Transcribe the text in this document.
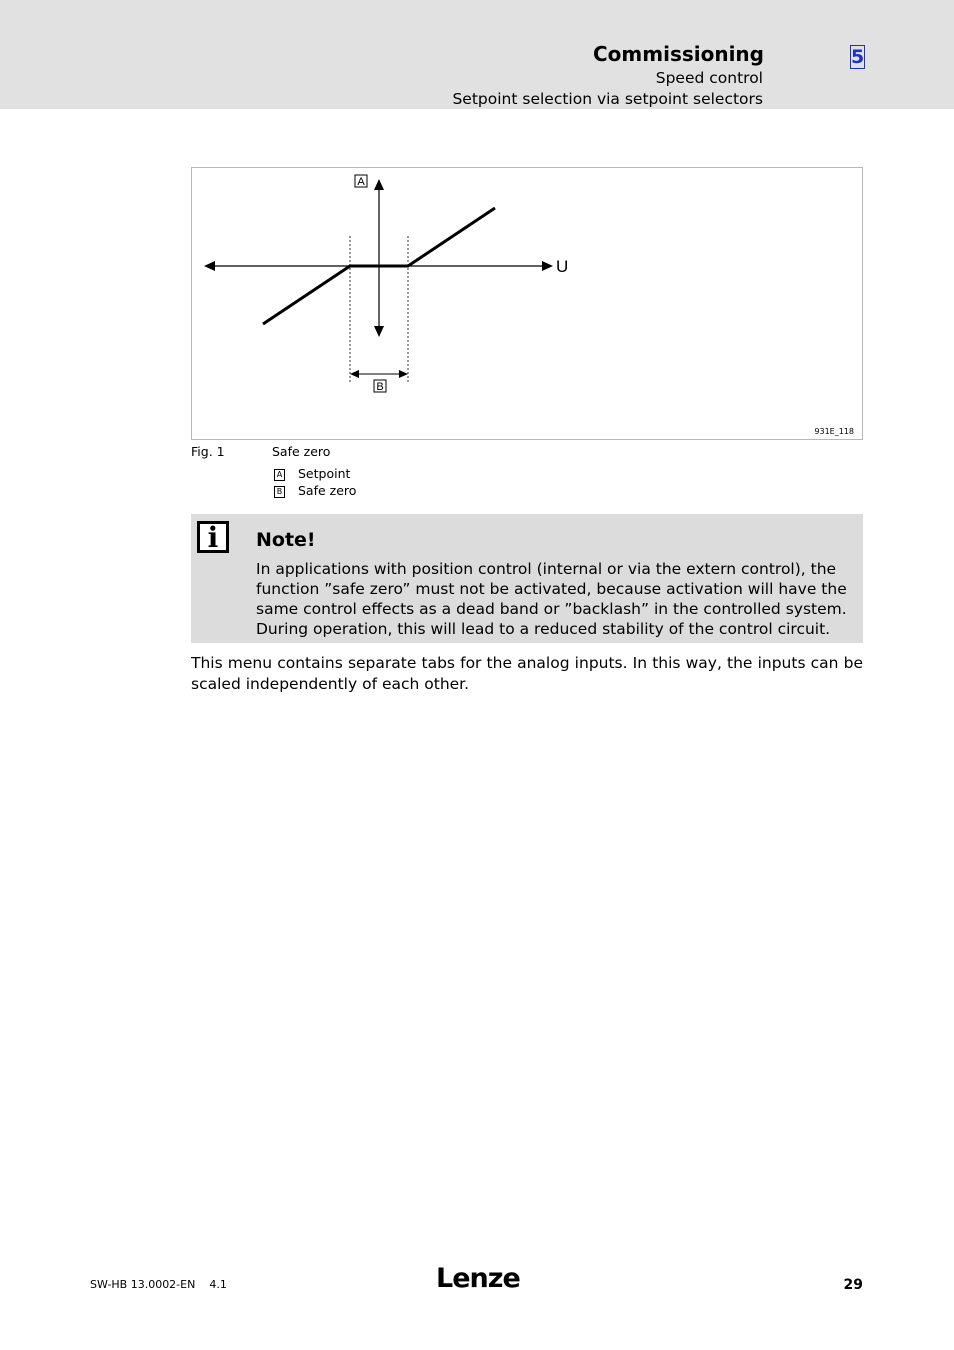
Commissioning
Speed control
Setpoint selection via setpoint selectors
5
A
B
U
931E_118
Fig. 1	Safe zero
A Setpoint
B Safe zero
i	Note!
In applications with position control (internal or via the extern control), the function ”safe zero” must not be activated, because activation will have the same control effects as a dead band or ”backlash” in the controlled system. During operation, this will lead to a reduced stability of the control circuit.
This menu contains separate tabs for the analog inputs. In this way, the inputs can be scaled independently of each other.
SW-HB 13.0002-EN 4.1	Lenze	29
